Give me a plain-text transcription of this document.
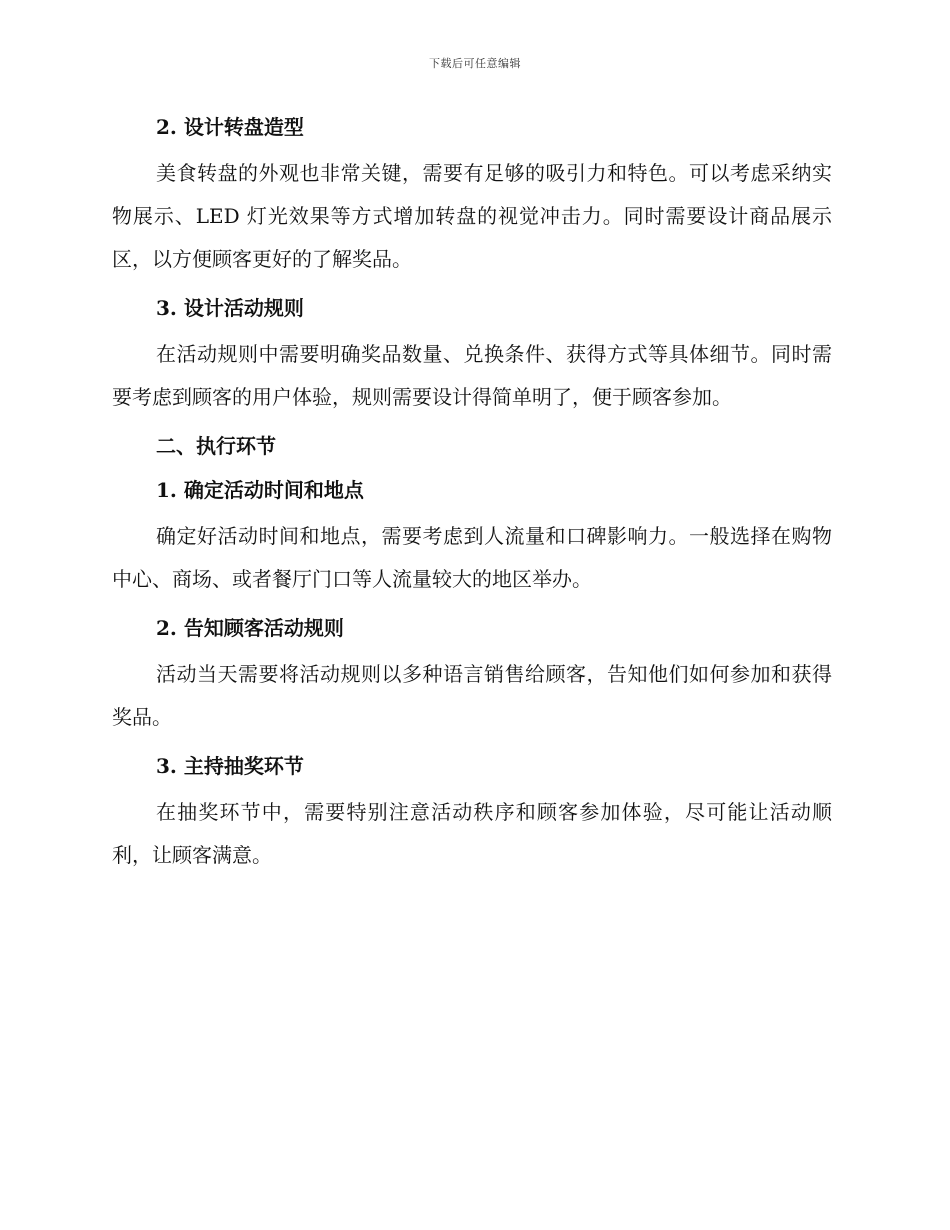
下载后可任意编辑
2. 设计转盘造型

美食转盘的外观也非常关键，需要有足够的吸引力和特色。可以考虑采纳实物展示、LED 灯光效果等方式增加转盘的视觉冲击力。同时需要设计商品展示区，以方便顾客更好的了解奖品。

3. 设计活动规则

在活动规则中需要明确奖品数量、兑换条件、获得方式等具体细节。同时需要考虑到顾客的用户体验，规则需要设计得简单明了，便于顾客参加。

二、执行环节
1. 确定活动时间和地点

确定好活动时间和地点，需要考虑到人流量和口碑影响力。一般选择在购物中心、商场、或者餐厅门口等人流量较大的地区举办。

2. 告知顾客活动规则

活动当天需要将活动规则以多种语言销售给顾客，告知他们如何参加和获得奖品。

3. 主持抽奖环节

在抽奖环节中，需要特别注意活动秩序和顾客参加体验，尽可能让活动顺利，让顾客满意。
